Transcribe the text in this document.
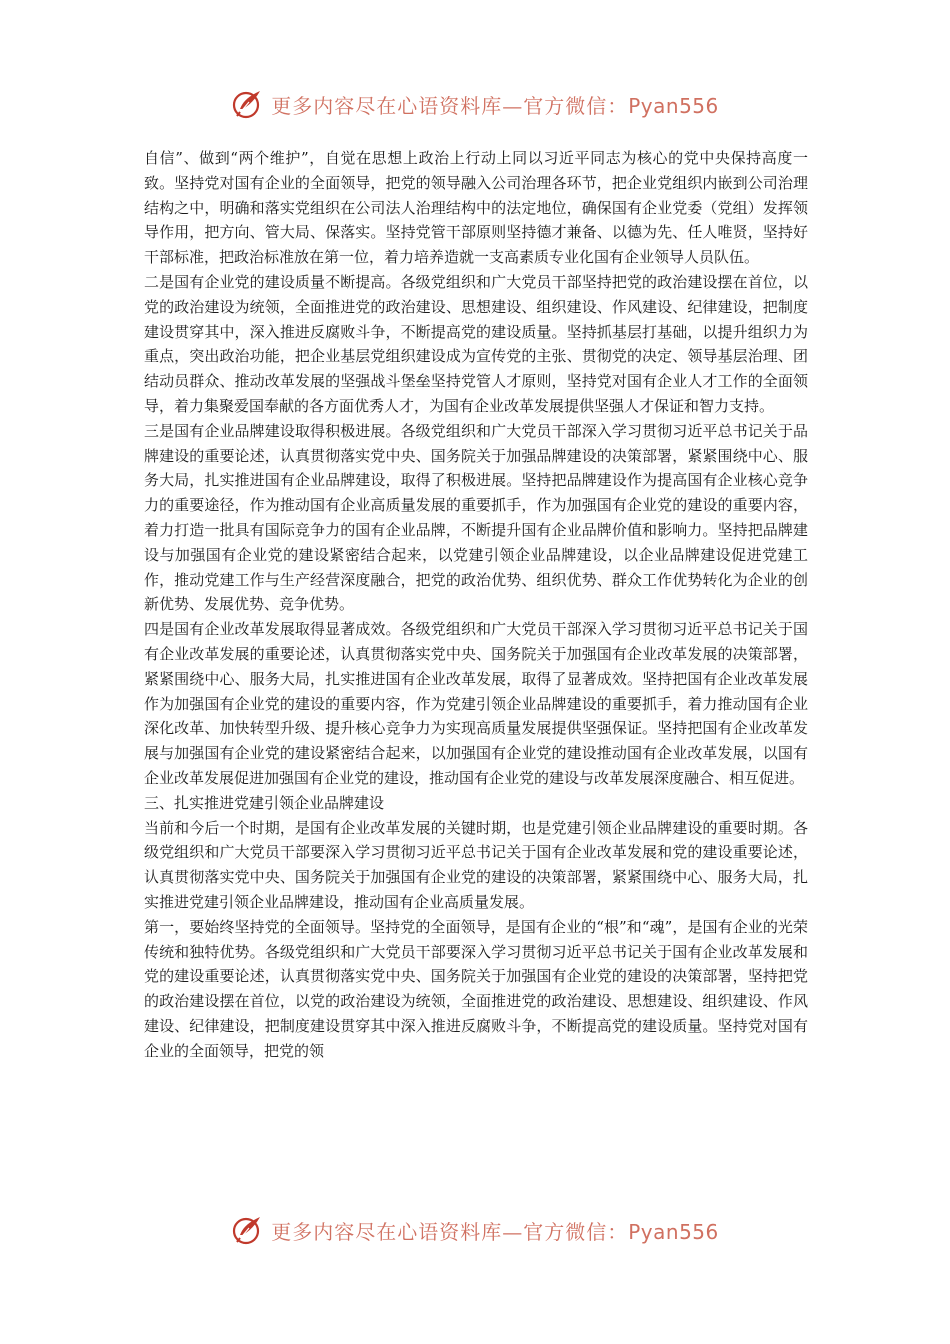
更多内容尽在心语资料库—官方微信：Pyan556

自信”、做到“两个维护”，自觉在思想上政治上行动上同以习近平同志为核心的党中央保持高度一致。坚持党对国有企业的全面领导，把党的领导融入公司治理各环节，把企业党组织内嵌到公司治理结构之中，明确和落实党组织在公司法人治理结构中的法定地位，确保国有企业党委（党组）发挥领导作用，把方向、管大局、保落实。坚持党管干部原则坚持德才兼备、以德为先、任人唯贤，坚持好干部标准，把政治标准放在第一位，着力培养造就一支高素质专业化国有企业领导人员队伍。

二是国有企业党的建设质量不断提高。各级党组织和广大党员干部坚持把党的政治建设摆在首位，以党的政治建设为统领，全面推进党的政治建设、思想建设、组织建设、作风建设、纪律建设，把制度建设贯穿其中，深入推进反腐败斗争，不断提高党的建设质量。坚持抓基层打基础，以提升组织力为重点，突出政治功能，把企业基层党组织建设成为宣传党的主张、贯彻党的决定、领导基层治理、团结动员群众、推动改革发展的坚强战斗堡垒坚持党管人才原则，坚持党对国有企业人才工作的全面领导，着力集聚爱国奉献的各方面优秀人才，为国有企业改革发展提供坚强人才保证和智力支持。

三是国有企业品牌建设取得积极进展。各级党组织和广大党员干部深入学习贯彻习近平总书记关于品牌建设的重要论述，认真贯彻落实党中央、国务院关于加强品牌建设的决策部署，紧紧围绕中心、服务大局，扎实推进国有企业品牌建设，取得了积极进展。坚持把品牌建设作为提高国有企业核心竞争力的重要途径，作为推动国有企业高质量发展的重要抓手，作为加强国有企业党的建设的重要内容，着力打造一批具有国际竞争力的国有企业品牌，不断提升国有企业品牌价值和影响力。坚持把品牌建设与加强国有企业党的建设紧密结合起来，以党建引领企业品牌建设，以企业品牌建设促进党建工作，推动党建工作与生产经营深度融合，把党的政治优势、组织优势、群众工作优势转化为企业的创新优势、发展优势、竞争优势。

四是国有企业改革发展取得显著成效。各级党组织和广大党员干部深入学习贯彻习近平总书记关于国有企业改革发展的重要论述，认真贯彻落实党中央、国务院关于加强国有企业改革发展的决策部署，紧紧围绕中心、服务大局，扎实推进国有企业改革发展，取得了显著成效。坚持把国有企业改革发展作为加强国有企业党的建设的重要内容，作为党建引领企业品牌建设的重要抓手，着力推动国有企业深化改革、加快转型升级、提升核心竞争力为实现高质量发展提供坚强保证。坚持把国有企业改革发展与加强国有企业党的建设紧密结合起来，以加强国有企业党的建设推动国有企业改革发展，以国有企业改革发展促进加强国有企业党的建设，推动国有企业党的建设与改革发展深度融合、相互促进。

三、扎实推进党建引领企业品牌建设

当前和今后一个时期，是国有企业改革发展的关键时期，也是党建引领企业品牌建设的重要时期。各级党组织和广大党员干部要深入学习贯彻习近平总书记关于国有企业改革发展和党的建设重要论述，认真贯彻落实党中央、国务院关于加强国有企业党的建设的决策部署，紧紧围绕中心、服务大局，扎实推进党建引领企业品牌建设，推动国有企业高质量发展。

第一，要始终坚持党的全面领导。坚持党的全面领导，是国有企业的“根”和“魂”，是国有企业的光荣传统和独特优势。各级党组织和广大党员干部要深入学习贯彻习近平总书记关于国有企业改革发展和党的建设重要论述，认真贯彻落实党中央、国务院关于加强国有企业党的建设的决策部署，坚持把党的政治建设摆在首位，以党的政治建设为统领，全面推进党的政治建设、思想建设、组织建设、作风建设、纪律建设，把制度建设贯穿其中深入推进反腐败斗争，不断提高党的建设质量。坚持党对国有企业的全面领导，把党的领

更多内容尽在心语资料库—官方微信：Pyan556
